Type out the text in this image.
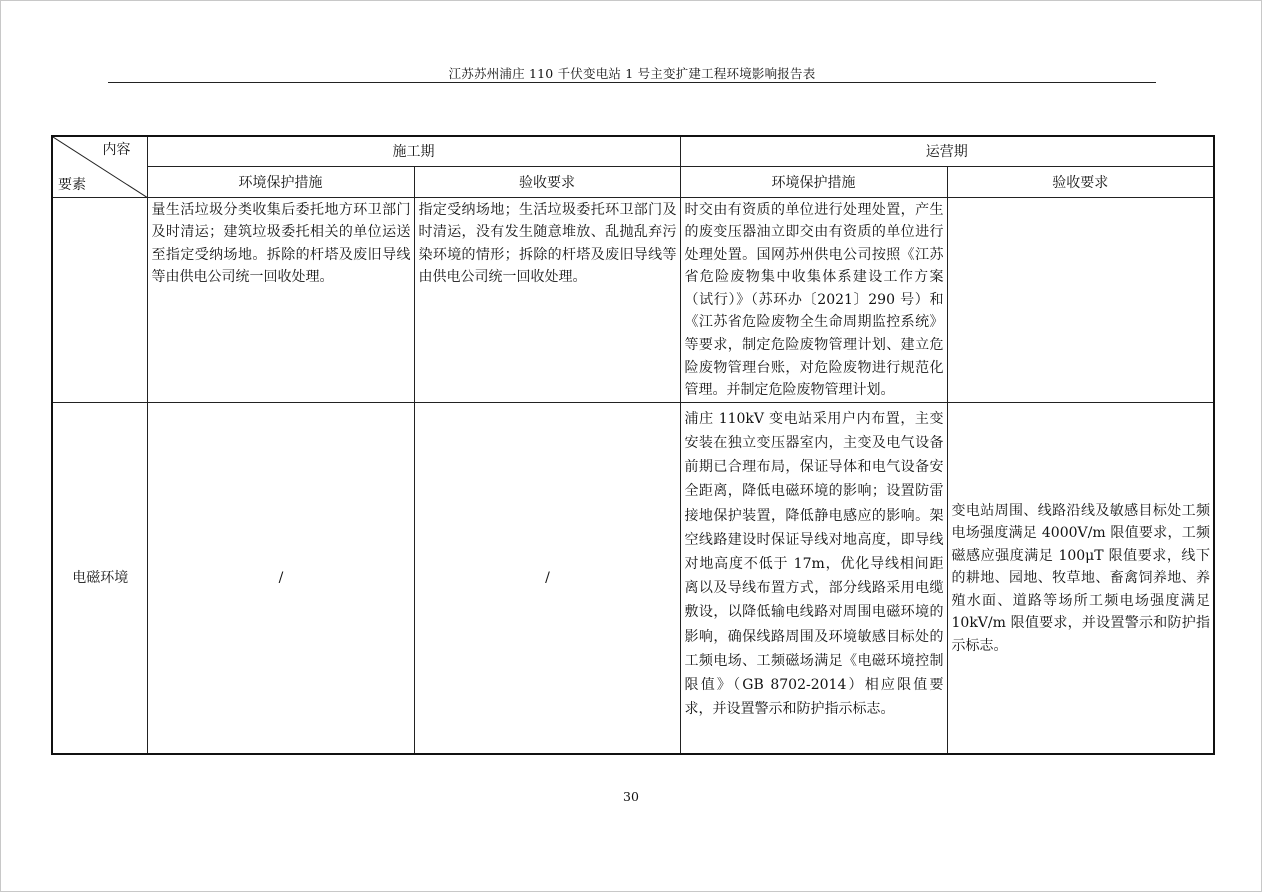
江苏苏州浦庄 110 千伏变电站 1 号主变扩建工程环境影响报告表
内容
要素	施工期		运营期	
	环境保护措施	验收要求	环境保护措施	验收要求
	量生活垃圾分类收集后委托地方环卫部门及时清运；建筑垃圾委托相关的单位运送至指定受纳场地。拆除的杆塔及废旧导线等由供电公司统一回收处理。	指定受纳场地；生活垃圾委托环卫部门及时清运，没有发生随意堆放、乱抛乱弃污染环境的情形；拆除的杆塔及废旧导线等由供电公司统一回收处理。	时交由有资质的单位进行处理处置，产生的废变压器油立即交由有资质的单位进行处理处置。国网苏州供电公司按照《江苏省危险废物集中收集体系建设工作方案（试行）》（苏环办〔2021〕290 号）和《江苏省危险废物全生命周期监控系统》等要求，制定危险废物管理计划、建立危险废物管理台账，对危险废物进行规范化管理。并制定危险废物管理计划。	
电磁环境	/	/	浦庄 110kV 变电站采用户内布置，主变安装在独立变压器室内，主变及电气设备前期已合理布局，保证导体和电气设备安全距离，降低电磁环境的影响；设置防雷接地保护装置，降低静电感应的影响。架空线路建设时保证导线对地高度，即导线对地高度不低于 17m，优化导线相间距离以及导线布置方式，部分线路采用电缆敷设，以降低输电线路对周围电磁环境的影响，确保线路周围及环境敏感目标处的工频电场、工频磁场满足《电磁环境控制限值》（GB 8702-2014）相应限值要求，并设置警示和防护指示标志。	变电站周围、线路沿线及敏感目标处工频电场强度满足 4000V/m 限值要求，工频磁感应强度满足 100μT 限值要求，线下的耕地、园地、牧草地、畜禽饲养地、养殖水面、道路等场所工频电场强度满足 10kV/m 限值要求，并设置警示和防护指示标志。
30
